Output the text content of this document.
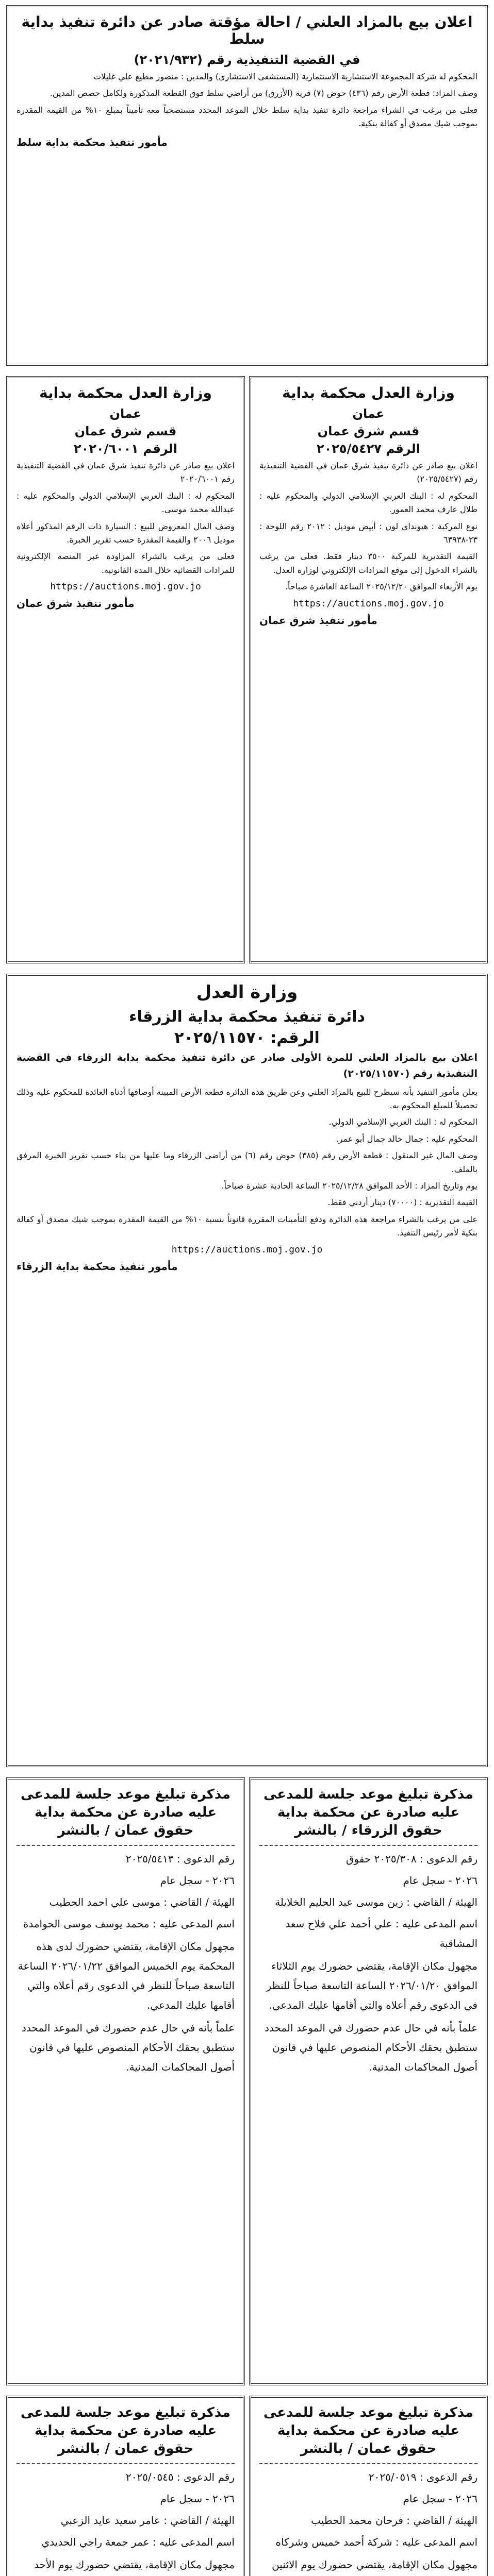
اعلان بيع بالمزاد العلني / احالة مؤقتة صادر عن دائرة تنفيذ بداية سلط
في القضية التنفيذية رقم (٢٠٢١/٩٣٢)

المحكوم له شركة المجموعة الاستشارية الاستثمارية (المستشفى الاستشاري) والمدين : منصور مطيع علي غليلات

وصف المزاد: قطعة الأرض رقم (٤٣٦) حوض (٧) قرية (الأزرق) من أراضي سلط فوق القطعة المذكورة ولكامل حصص المدين.

فعلى من يرغب في الشراء مراجعة دائرة تنفيذ بداية سلط خلال الموعد المحدد مستصحباً معه تأميناً بمبلغ ١٠% من القيمة المقدرة بموجب شيك مصدق أو كفالة بنكية.

مأمور تنفيذ محكمة بداية سلط
وزارة العدل محكمة بداية
عمان
قسم شرق عمان
الرقم ٢٠٢٥/٥٤٢٧

اعلان بيع صادر عن دائرة تنفيذ شرق عمان في القضية التنفيذية رقم (٢٠٢٥/٥٤٢٧)

المحكوم له : البنك العربي الإسلامي الدولي والمحكوم عليه : طلال عارف محمد العمور.

نوع المركبة : هيونداي لون : أبيض موديل : ٢٠١٢ رقم اللوحة : ٢٣-٦٣٩٣٨

القيمة التقديرية للمركبة ٣٥٠٠ دينار فقط. فعلى من يرغب بالشراء الدخول إلى موقع المزادات الإلكتروني لوزارة العدل.

يوم الأربعاء الموافق ٢٠٢٥/١٢/٢٠ الساعة العاشرة صباحاً.

https://auctions.moj.gov.jo
مأمور تنفيذ شرق عمان
وزارة العدل محكمة بداية
عمان
قسم شرق عمان
الرقم ٢٠٢٠/٦٠٠١

اعلان بيع صادر عن دائرة تنفيذ شرق عمان في القضية التنفيذية رقم ٢٠٢٠/٦٠٠١

المحكوم له : البنك العربي الإسلامي الدولي والمحكوم عليه : عبدالله محمد موسى.

وصف المال المعروض للبيع : السيارة ذات الرقم المذكور أعلاه موديل ٢٠٠٦ والقيمة المقدرة حسب تقرير الخبرة.

فعلى من يرغب بالشراء المزاودة عبر المنصة الإلكترونية للمزادات القضائية خلال المدة القانونية.

https://auctions.moj.gov.jo
مأمور تنفيذ شرق عمان
وزارة العدل
دائرة تنفيذ محكمة بداية الزرقاء
الرقم: ٢٠٢٥/١١٥٧٠

اعلان بيع بالمزاد العلني للمرة الأولى صادر عن دائرة تنفيذ محكمة بداية الزرقاء في القضية التنفيذية رقم (٢٠٢٥/١١٥٧٠)

يعلن مأمور التنفيذ بأنه سيطرح للبيع بالمزاد العلني وعن طريق هذه الدائرة قطعة الأرض المبينة أوصافها أدناه العائدة للمحكوم عليه وذلك تحصيلاً للمبلغ المحكوم به.

المحكوم له : البنك العربي الإسلامي الدولي.

المحكوم عليه : جمال خالد جمال أبو عمر.

وصف المال غير المنقول : قطعة الأرض رقم (٣٨٥) حوض رقم (٦) من أراضي الزرقاء وما عليها من بناء حسب تقرير الخبرة المرفق بالملف.

يوم وتاريخ المزاد : الأحد الموافق ٢٠٢٥/١٢/٢٨ الساعة الحادية عشرة صباحاً.

القيمة التقديرية : (٧٠٠٠٠) دينار أردني فقط.

على من يرغب بالشراء مراجعة هذه الدائرة ودفع التأمينات المقررة قانوناً بنسبة ١٠% من القيمة المقدرة بموجب شيك مصدق أو كفالة بنكية لأمر رئيس التنفيذ.

https://auctions.moj.gov.jo
مأمور تنفيذ محكمة بداية الزرقاء
مذكرة تبليغ موعد جلسة للمدعى عليه صادرة عن محكمة بداية حقوق الزرقاء / بالنشر
رقم الدعوى : ٢٠٢٥/٣٠٨ حقوق
٢٠٢٦ - سجل عام
الهيئة / القاضي : زين موسى عبد الحليم الخلايلة
اسم المدعى عليه : علي أحمد علي فلاح سعد المشاقبة

مجهول مكان الإقامة، يقتضي حضورك يوم الثلاثاء الموافق ٢٠٢٦/٠١/٢٠ الساعة التاسعة صباحاً للنظر في الدعوى رقم أعلاه والتي أقامها عليك المدعي.

علماً بأنه في حال عدم حضورك في الموعد المحدد ستطبق بحقك الأحكام المنصوص عليها في قانون أصول المحاكمات المدنية.

مذكرة تبليغ موعد جلسة للمدعى عليه صادرة عن محكمة بداية حقوق عمان / بالنشر
رقم الدعوى : ٢٠٢٥/٥٤١٣
٢٠٢٦ - سجل عام
الهيئة / القاضي : موسى علي احمد الحطيب
اسم المدعى عليه : محمد يوسف موسى الحوامدة

مجهول مكان الإقامة، يقتضي حضورك لدى هذه المحكمة يوم الخميس الموافق ٢٠٢٦/٠١/٢٢ الساعة التاسعة صباحاً للنظر في الدعوى رقم أعلاه والتي أقامها عليك المدعي.

علماً بأنه في حال عدم حضورك في الموعد المحدد ستطبق بحقك الأحكام المنصوص عليها في قانون أصول المحاكمات المدنية.

مذكرة تبليغ موعد جلسة للمدعى عليه صادرة عن محكمة بداية حقوق عمان / بالنشر
رقم الدعوى : ٢٠٢٥/٠٥١٩
٢٠٢٦ - سجل عام
الهيئة / القاضي : فرحان محمد الحطيب
اسم المدعى عليه : شركة أحمد خميس وشركاه

مجهول مكان الإقامة، يقتضي حضورك يوم الاثنين

مذكرة تبليغ موعد جلسة للمدعى عليه صادرة عن محكمة بداية حقوق عمان / بالنشر
رقم الدعوى : ٢٠٢٥/٠٥٤٥
٢٠٢٦ - سجل عام
الهيئة / القاضي : عامر سعيد عايد الزعبي
اسم المدعى عليه : عمر جمعة راجي الحديدي

مجهول مكان الإقامة، يقتضي حضورك يوم الأحد
